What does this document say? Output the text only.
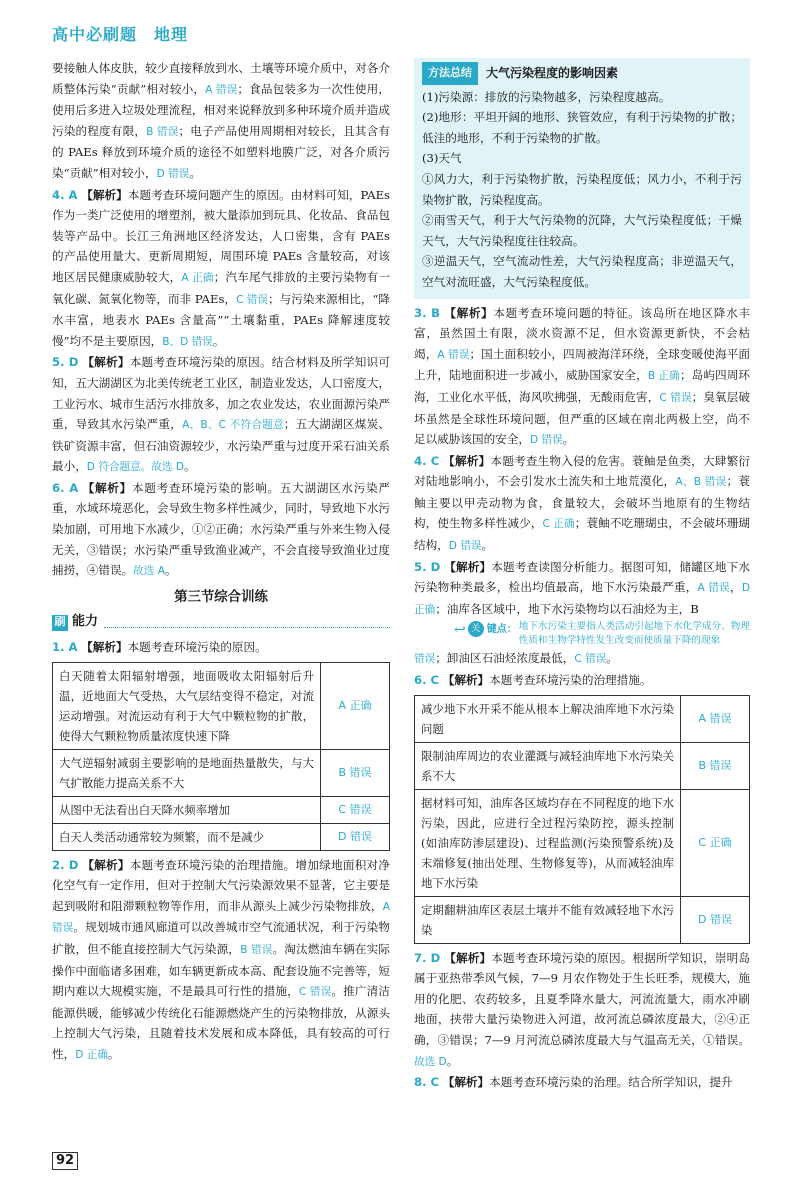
高中必刷题　地理

要接触人体皮肤，较少直接释放到水、土壤等环境介质中，对各介质整体污染“贡献”相对较小，A 错误；食品包装多为一次性使用，使用后多进入垃圾处理流程，相对来说释放到多种环境介质并造成污染的程度有限，B 错误；电子产品使用周期相对较长，且其含有的 PAEs 释放到环境介质的途径不如塑料地膜广泛，对各介质污染“贡献”相对较小，D 错误。

4. A 【解析】本题考查环境问题产生的原因。由材料可知，PAEs 作为一类广泛使用的增塑剂，被大量添加到玩具、化妆品、食品包装等产品中。长江三角洲地区经济发达，人口密集，含有 PAEs 的产品使用量大、更新周期短，周围环境 PAEs 含量较高，对该地区居民健康威胁较大，A 正确；汽车尾气排放的主要污染物有一氧化碳、氮氧化物等，而非 PAEs，C 错误；与污染来源相比，“降水丰富，地表水 PAEs 含量高”“土壤黏重，PAEs 降解速度较慢”均不是主要原因，B、D 错误。

5. D 【解析】本题考查环境污染的原因。结合材料及所学知识可知，五大湖湖区为北美传统老工业区，制造业发达，人口密度大，工业污水、城市生活污水排放多，加之农业发达，农业面源污染严重，导致其水污染严重，A、B、C 不符合题意；五大湖湖区煤炭、铁矿资源丰富，但石油资源较少，水污染严重与过度开采石油关系最小，D 符合题意。故选 D。

6. A 【解析】本题考查环境污染的影响。五大湖湖区水污染严重，水域环境恶化，会导致生物多样性减少，同时，导致地下水污染加剧，可用地下水减少，①②正确；水污染严重与外来生物入侵无关，③错误；水污染严重导致渔业减产，不会直接导致渔业过度捕捞，④错误。故选 A。

第三节综合训练
刷 能力

1. A 【解析】本题考查环境污染的原因。

白天随着太阳辐射增强，地面吸收太阳辐射后升温，近地面大气受热，大气层结变得不稳定，对流运动增强。对流运动有利于大气中颗粒物的扩散，使得大气颗粒物质量浓度快速下降	A 正确
大气逆辐射减弱主要影响的是地面热量散失，与大气扩散能力提高关系不大	B 错误
从图中无法看出白天降水频率增加	C 错误
白天人类活动通常较为频繁，而不是减少	D 错误

2. D 【解析】本题考查环境污染的治理措施。增加绿地面积对净化空气有一定作用，但对于控制大气污染源效果不显著，它主要是起到吸附和阻滞颗粒物等作用，而非从源头上减少污染物排放，A 错误。规划城市通风廊道可以改善城市空气流通状况，利于污染物扩散，但不能直接控制大气污染源，B 错误。淘汰燃油车辆在实际操作中面临诸多困难，如车辆更新成本高、配套设施不完善等，短期内难以大规模实施，不是最具可行性的措施，C 错误。推广清洁能源供暖，能够减少传统化石能源燃烧产生的污染物排放，从源头上控制大气污染，且随着技术发展和成本降低，具有较高的可行性，D 正确。

方法总结	大气污染程度的影响因素

(1)污染源：排放的污染物越多，污染程度越高。

(2)地形：平坦开阔的地形、狭管效应，有利于污染物的扩散；低洼的地形，不利于污染物的扩散。

(3)天气

①风力大，利于污染物扩散，污染程度低；风力小，不利于污染物扩散，污染程度高。

②雨雪天气，利于大气污染物的沉降，大气污染程度低；干燥天气，大气污染程度往往较高。

③逆温天气，空气流动性差，大气污染程度高；非逆温天气，空气对流旺盛，大气污染程度低。

3. B 【解析】本题考查环境问题的特征。该岛所在地区降水丰富，虽然国土有限，淡水资源不足，但水资源更新快，不会枯竭，A 错误；国土面积较小，四周被海洋环绕，全球变暖使海平面上升，陆地面积进一步减小，威胁国家安全，B 正确；岛屿四周环海，工业化水平低，海风吹拂强，无酸雨危害，C 错误；臭氧层破坏虽然是全球性环境问题，但严重的区域在南北两极上空，尚不足以威胁该国的安全，D 错误。

4. C 【解析】本题考查生物入侵的危害。蓑鲉是鱼类，大肆繁衍对陆地影响小，不会引发水土流失和土地荒漠化，A、B 错误；蓑鲉主要以甲壳动物为食，食量较大，会破坏当地原有的生物结构，使生物多样性减少，C 正确；蓑鲉不吃珊瑚虫，不会破坏珊瑚结构，D 错误。

5. D 【解析】本题考查读图分析能力。据图可知，储罐区地下水污染物种类最多，检出均值最高，地下水污染最严重，A 错误，D 正确；油库各区域中，地下水污染物均以石油烃为主，B

↩ 关 键点： 地下水污染主要指人类活动引起地下水化学成分、物理性质和生物学特性发生改变而使质量下降的现象

错误；卸油区石油烃浓度最低，C 错误。

6. C 【解析】本题考查环境污染的治理措施。

减少地下水开采不能从根本上解决油库地下水污染问题	A 错误
限制油库周边的农业灌溉与减轻油库地下水污染关系不大	B 错误
据材料可知，油库各区域均存在不同程度的地下水污染，因此，应进行全过程污染防控，源头控制(如油库防渗层建设)、过程监测(污染预警系统)及末端修复(抽出处理、生物修复等)，从而减轻油库地下水污染	C 正确
定期翻耕油库区表层土壤并不能有效减轻地下水污染	D 错误

7. D 【解析】本题考查环境污染的原因。根据所学知识，崇明岛属于亚热带季风气候，7—9 月农作物处于生长旺季，规模大，施用的化肥、农药较多，且夏季降水量大，河流流量大，雨水冲刷地面，挟带大量污染物进入河道，故河流总磷浓度最大，②④正确，③错误；7—9 月河流总磷浓度最大与气温高无关，①错误。故选 D。

8. C 【解析】本题考查环境污染的治理。结合所学知识，提升

92
